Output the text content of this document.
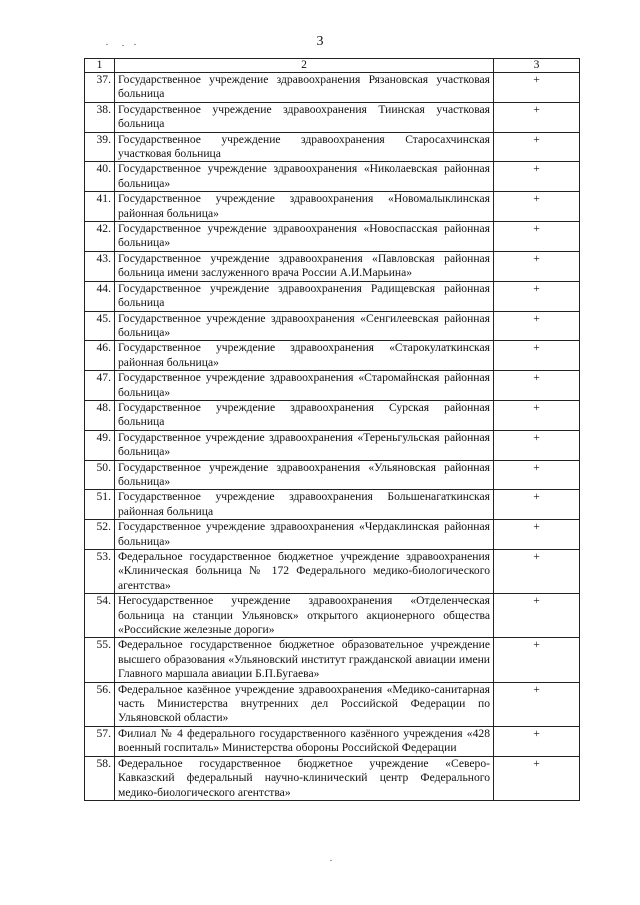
3
1	2	3
37.	Государственное учреждение здравоохранения Рязановская участковая больница	+
38.	Государственное учреждение здравоохранения Тиинская участковая больница	+
39.	Государственное учреждение здравоохранения Старосахчинская участковая больница	+
40.	Государственное учреждение здравоохранения «Николаевская районная больница»	+
41.	Государственное учреждение здравоохранения «Новомалыклинская районная больница»	+
42.	Государственное учреждение здравоохранения «Новоспасская районная больница»	+
43.	Государственное учреждение здравоохранения «Павловская районная больница имени заслуженного врача России А.И.Марьина»	+
44.	Государственное учреждение здравоохранения Радищевская районная больница	+
45.	Государственное учреждение здравоохранения «Сенгилеевская районная больница»	+
46.	Государственное учреждение здравоохранения «Старокулаткинская районная больница»	+
47.	Государственное учреждение здравоохранения «Старомайнская районная больница»	+
48.	Государственное учреждение здравоохранения Сурская районная больница	+
49.	Государственное учреждение здравоохранения «Тереньгульская районная больница»	+
50.	Государственное учреждение здравоохранения «Ульяновская районная больница»	+
51.	Государственное учреждение здравоохранения Большенагаткинская районная больница	+
52.	Государственное учреждение здравоохранения «Чердаклинская районная больница»	+
53.	Федеральное государственное бюджетное учреждение здравоохранения «Клиническая больница № 172 Федерального медико-биологического агентства»	+
54.	Негосударственное учреждение здравоохранения «Отделенческая больница на станции Ульяновск» открытого акционерного общества «Российские железные дороги»	+
55.	Федеральное государственное бюджетное образовательное учреждение высшего образования «Ульяновский институт гражданской авиации имени Главного маршала авиации Б.П.Бугаева»	+
56.	Федеральное казённое учреждение здравоохранения «Медико-санитарная часть Министерства внутренних дел Российской Федерации по Ульяновской области»	+
57.	Филиал № 4 федерального государственного казённого учреждения «428 военный госпиталь» Министерства обороны Российской Федерации	+
58.	Федеральное государственное бюджетное учреждение «Северо-Кавказский федеральный научно-клинический центр Федерального медико-биологического агентства»	+
